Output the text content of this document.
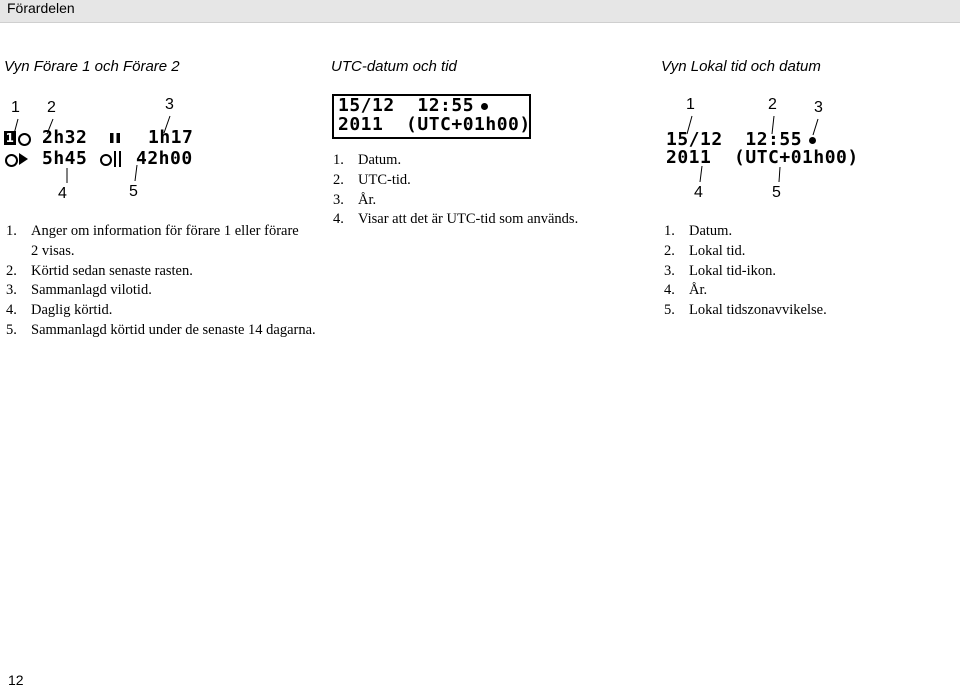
Förardelen
Vyn Förare 1 och Förare 2
1 2	3
4	5
1 2h32	1h17
5h45	42h00
1. Anger om information för förare 1 eller förare 2 visas.
2. Körtid sedan senaste rasten.
3. Sammanlagd vilotid.
4. Daglig körtid.
5. Sammanlagd körtid under de senaste 14 dagarna.
UTC-datum och tid
15/12  12:55
2011  (UTC+01h00)
1. Datum.
2. UTC-tid.
3. År.
4. Visar att det är UTC-tid som används.
Vyn Lokal tid och datum
1	2 3
4	5
15/12  12:55
2011  (UTC+01h00)
1. Datum.
2. Lokal tid.
3. Lokal tid-ikon.
4. År.
5. Lokal tidszonavvikelse.
12
